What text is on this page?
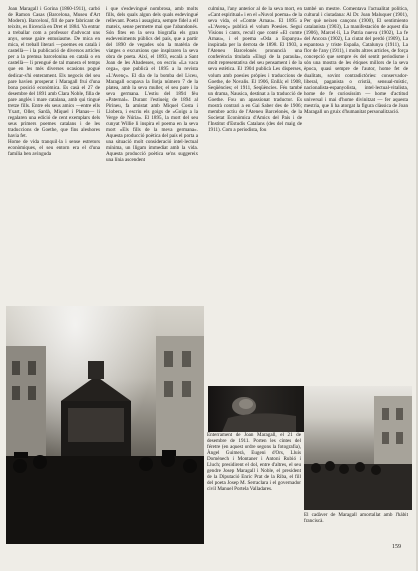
Joan Maragall i Gorina (1860-1911), carbó de Ramon Casas (Barcelona, Museu d'Art Modern). Barceloní, fill de pare fabricant de teixits, es llicencià en Dret el 1884. Va entrar a treballar com a professor d'advocat uns anys, sense gaire entusiasme. De mica en mica, el treball literari —poemes en català i castellà— i la publicació de diversos articles per a la premsa barcelonina en català o en castellà— li prengué de tal manera el temps que en les més diverses ocasions pogué dedicar-s'hi enterament. Els negocis del seu pare havien prosperat i Maragall fruí d'una bona posició econòmica. Es casà el 27 de desembre del 1891 amb Clara Noble, filla de pare anglès i mare catalana, amb qui tingué tretze fills. Entre els seus amics —entre ells Yxart, Oller, Sardà, Miquel i Planas— li regalaren una edició de cent exemplars dels seus primers poemes catalans i de les traduccions de Goethe, que fins aleshores havia fet.
Home de vida tranquil·la i sense estretors econòmiques, el seu entorn era el d'una família ben avinguda
i que s'esdevingué nombrosa, amb molts fills, dels quals algun dels quals esdevingué rellevant. Poeta i assagista, sempre fidel a ell mateix, sense permetre mai que l'abandonés. Són fites en la seva biografia els gran esdeveniments públics del país, que a partir del 1890 de vegades són la matèria de viatges o excursions que inspiraren la seva obra de poeta. Així, el 1893, escalà a Sant Joan de les Abadesses, on escriu «La vaca cega», que publicà el 1895 a la revista «L'Avenç». El dia de la bomba del Liceu, Maragall ocupava la llotja número 7 de la platea, amb la seva muller, el seu pare i la seva germana. L'estiu del 1894 féu «Paternal». Durant l'estiueig de 1894 al Pirineu, fa amistat amb Miquel Costa i Llobera, i escriu els goigs de «Goigs a la Verge de Núria». El 1895, la mort del seu cunyat Willie li inspira el poema en la seva mort «Els fills de la meva germana». Aquesta producció poètica del país el porta a una situació molt consideració intel·lectual mínima, un lligam immediat amb la vida. Aquesta producció poètica se'ns suggereix una línia ascendent
culmina, l'any anterior al de la seva mort, en «Cant espiritual» i en el «Nuvol poema» de la seva vida, el «Comte Arnau». El 1895 a «L'Avenç» publicà el volum Poesies. Seguí Visions i cants, recull que conté «El comte Arnau», i el poema «Oda a Espanya» inspirada per la derrota de 1898. El 1903, a l'Ateneu Barcelonès pronuncià una conferència titulada «Elogi de la paraula», molt representativa del seu pensament i de la seva estètica. El 1904 publicà Les disperses, volum amb poesies pròpies i traduccions de Goethe, de Novalis. El 1906, Enllà; el 1908, Seqüències; el 1911, Seqüències. Féu també un drama, Nausica, destinat a la traducció de Goethe. Fou un apassionat traductor. Es mostrà contrari a en Gai Saber des de 1906; membre actiu de l'Ateneu Barcelonès, de la Societat Econòmica d'Amics del País i de l'Institut d'Estudis Catalans (des del maig de 1911). Com a periodista, fou
també un mestre. Comentava l'actualitat política, cultural i ciutadana: Al Dr. Joan Maluquer (1901), Per què neixen cançons (1900), El sentimiento catalanista (1903), La manifestación de aquest dia (1906), Marcel·lí, La Patria nueva (1902), La fe del Ancora (1902), La ciutat del perdó (1909), La espantosa y triste España, Catalunya (1911), La flor de l'any (1911), i molts altres articles, de força concepció que sempre és del sentit periodisme i són una mostra de les ètiques millors de la seva època, quasi sempre de l'autor, home fet de dualitats, sovint contradictòries: conservador-liberal, paganista o cristià, sensual-místic, nacionalista-espanyolista, intel·lectual-vitalista, home de fe curiosíssim — home d'actitud universal i mai d'home divinitzat — fer aquesta mestria, que li ha atorgat la figura clàssica de Joan Maragall un gruix d'humanitat personalització.
Enterrament de Joan Maragall, el 21 de desembre de 1911. Porten les cintes del féretre (en aquest ordre segons la fotografia), Àngel Guimerà, Eugeni d'Ors, Lluís Domènech i Montaner i Antoni Rubió i Lluch; presidirent el dol, entre d'altres, el seu gendre Josep Maragall i Noble, el president de la Diputació Enric Prat de la Riba, el fill del poeta Josep M. Serraclara i el governador civil Manuel Portela Valladares.
El cadàver de Maragall amortallat amb l'hàbit franciscà.
159
